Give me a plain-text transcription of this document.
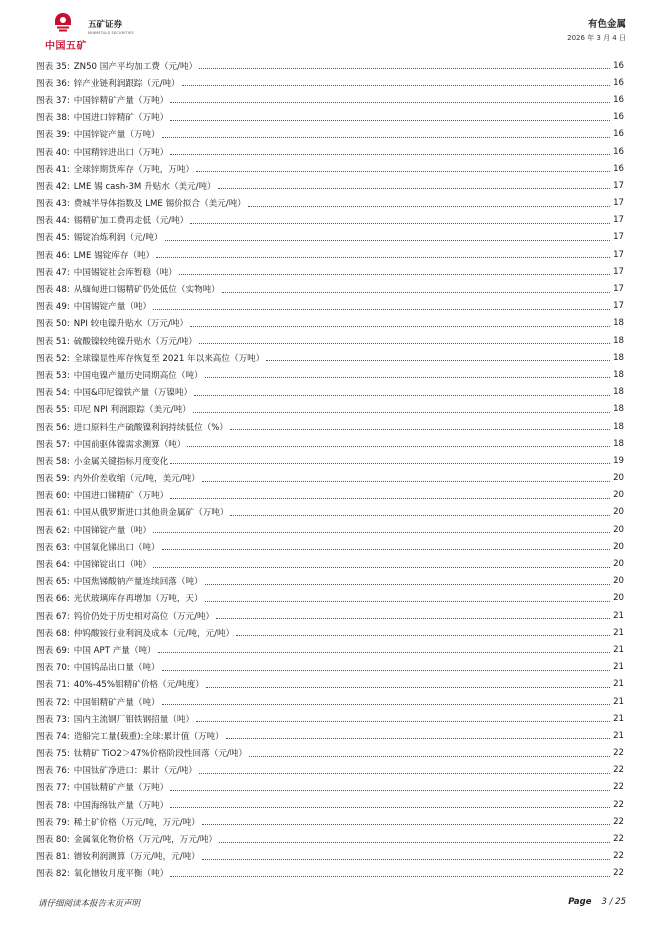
中国五矿
五矿证券
MINMETALS SECURITIES
有色金属
2026 年 3 月 4 日
图表 35: ZN50 国产平均加工费（元/吨）	16
图表 36: 锌产业链利润跟踪（元/吨）	16
图表 37: 中国锌精矿产量（万吨）	16
图表 38: 中国进口锌精矿（万吨）	16
图表 39: 中国锌锭产量（万吨）	16
图表 40: 中国精锌进出口（万吨）	16
图表 41: 全球锌期货库存（万吨，万吨）	16
图表 42: LME 锡 cash-3M 升贴水（美元/吨）	17
图表 43: 费城半导体指数及 LME 锡价拟合（美元/吨）	17
图表 44: 锡精矿加工费再走低（元/吨）	17
图表 45: 锡锭冶炼利润（元/吨）	17
图表 46: LME 锡锭库存（吨）	17
图表 47: 中国锡锭社会库暂稳（吨）	17
图表 48: 从缅甸进口锡精矿仍处低位（实物吨）	17
图表 49: 中国锡锭产量（吨）	17
图表 50: NPI 较电镍升贴水（万元/吨）	18
图表 51: 硫酸镍较纯镍升贴水（万元/吨）	18
图表 52: 全球镍显性库存恢复至 2021 年以来高位（万吨）	18
图表 53: 中国电镍产量历史同期高位（吨）	18
图表 54: 中国&印尼镍铁产量（万镍吨）	18
图表 55: 印尼 NPI 利润跟踪（美元/吨）	18
图表 56: 进口原料生产硫酸镍利润持续低位（%）	18
图表 57: 中国前驱体镍需求测算（吨）	18
图表 58: 小金属关键指标月度变化	19
图表 59: 内外价差收缩（元/吨，美元/吨）	20
图表 60: 中国进口锑精矿（万吨）	20
图表 61: 中国从俄罗斯进口其他贵金属矿（万吨）	20
图表 62: 中国锑锭产量（吨）	20
图表 63: 中国氧化锑出口（吨）	20
图表 64: 中国锑锭出口（吨）	20
图表 65: 中国焦锑酸钠产量连续回落（吨）	20
图表 66: 光伏玻璃库存再增加（万吨，天）	20
图表 67: 钨价仍处于历史相对高位（万元/吨）	21
图表 68: 仲钨酸铵行业利润及成本（元/吨，元/吨）	21
图表 69: 中国 APT 产量（吨）	21
图表 70: 中国钨品出口量（吨）	21
图表 71: 40%-45%钼精矿价格（元/吨度）	21
图表 72: 中国钼精矿产量（吨）	21
图表 73: 国内主流钢厂钼铁钢招量（吨）	21
图表 74: 造船完工量(载重):全球:累计值（万吨）	21
图表 75: 钛精矿 TiO2＞47%价格阶段性回落（元/吨）	22
图表 76: 中国钛矿净进口：累计（元/吨）	22
图表 77: 中国钛精矿产量（万吨）	22
图表 78: 中国海绵钛产量（万吨）	22
图表 79: 稀土矿价格（万元/吨，万元/吨）	22
图表 80: 金属氧化物价格（万元/吨，万元/吨）	22
图表 81: 镨钕利润测算（万元/吨，元/吨）	22
图表 82: 氧化镨钕月度平衡（吨）	22
请仔细阅读本报告末页声明	Page 3 / 25
